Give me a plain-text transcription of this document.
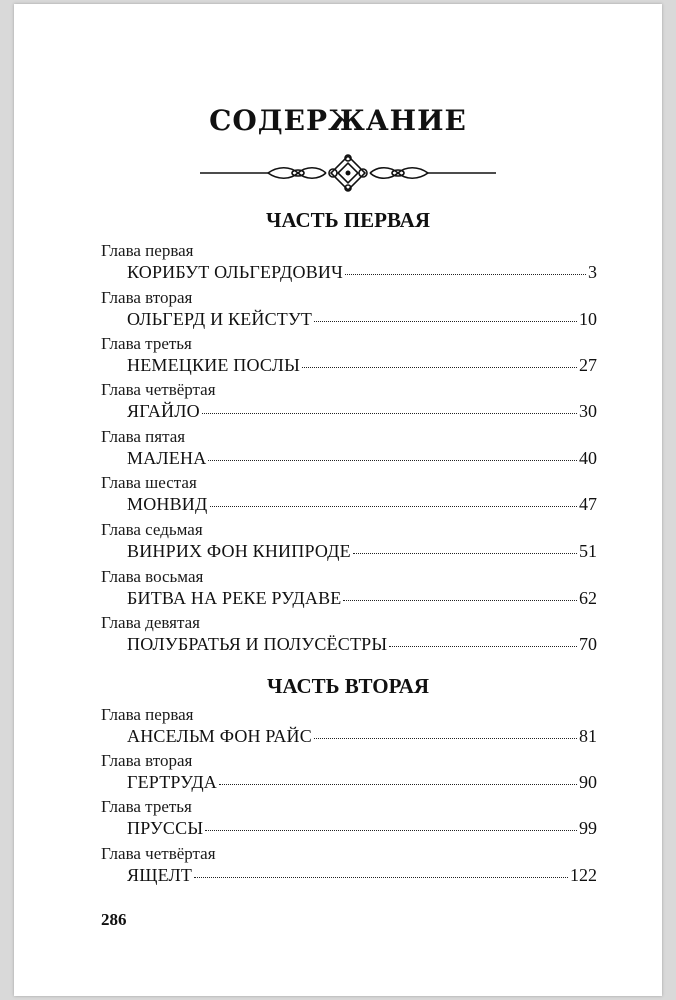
СОДЕРЖАНИЕ
ЧАСТЬ ПЕРВАЯ
Глава первая
КОРИБУТ ОЛЬГЕРДОВИЧ	3
Глава вторая
ОЛЬГЕРД И КЕЙСТУТ	10
Глава третья
НЕМЕЦКИЕ ПОСЛЫ	27
Глава четвёртая
ЯГАЙЛО	30
Глава пятая
МАЛЕНА	40
Глава шестая
МОНВИД	47
Глава седьмая
ВИНРИХ ФОН КНИПРОДЕ	51
Глава восьмая
БИТВА НА РЕКЕ РУДАВЕ	62
Глава девятая
ПОЛУБРАТЬЯ И ПОЛУСЁСТРЫ	70
ЧАСТЬ ВТОРАЯ
Глава первая
АНСЕЛЬМ ФОН РАЙС	81
Глава вторая
ГЕРТРУДА	90
Глава третья
ПРУССЫ	99
Глава четвёртая
ЯЩЕЛТ	122
286
